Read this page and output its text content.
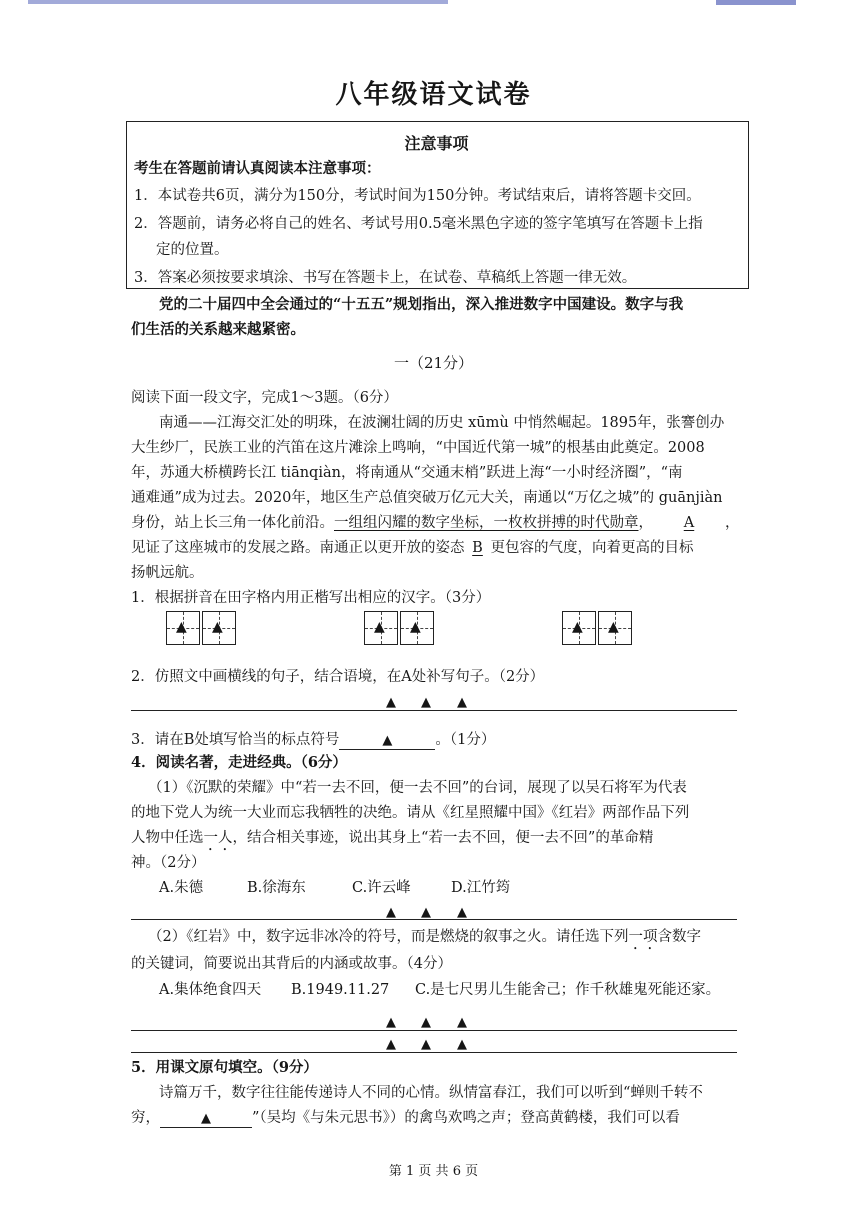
八年级语文试卷
注意事项
考生在答题前请认真阅读本注意事项：
1．本试卷共6页，满分为150分，考试时间为150分钟。考试结束后，请将答题卡交回。
2．答题前，请务必将自己的姓名、考试号用0.5毫米黑色字迹的签字笔填写在答题卡上指
定的位置。
3．答案必须按要求填涂、书写在答题卡上，在试卷、草稿纸上答题一律无效。
党的二十届四中全会通过的“十五五”规划指出，深入推进数字中国建设。数字与我
们生活的关系越来越紧密。
一（21分）
阅读下面一段文字，完成1～3题。（6分）
南通——江海交汇处的明珠，在波澜壮阔的历史 xūmù 中悄然崛起。1895年，张謇创办
大生纱厂，民族工业的汽笛在这片滩涂上鸣响，“中国近代第一城”的根基由此奠定。2008
年，苏通大桥横跨长江 tiānqiàn，将南通从“交通末梢”跃进上海“一小时经济圈”，“南
通难通”成为过去。2020年，地区生产总值突破万亿元大关，南通以“万亿之城”的 guānjiàn
身份，站上长三角一体化前沿。一组组闪耀的数字坐标，一枚枚拼搏的时代勋章， A ，
见证了这座城市的发展之路。南通正以更开放的姿态 B 更包容的气度，向着更高的目标
扬帆远航。
1．根据拼音在田字格内用正楷写出相应的汉字。（3分）
▲ ▲	▲ ▲	▲ ▲
2．仿照文中画横线的句子，结合语境，在A处补写句子。（2分）
▲ ▲ ▲
3．请在B处填写恰当的标点符号	▲	。（1分）
4．阅读名著，走进经典。（6分）
（1）《沉默的荣耀》中“若一去不回，便一去不回”的台词，展现了以吴石将军为代表
的地下党人为统一大业而忘我牺牲的决绝。请从《红星照耀中国》《红岩》两部作品下列
人物中任选一人，结合相关事迹，说出其身上“若一去不回，便一去不回”的革命精
神。（2分）
A.朱德	B.徐海东	C.许云峰	D.江竹筠
▲ ▲ ▲
（2）《红岩》中，数字远非冰冷的符号，而是燃烧的叙事之火。请任选下列一项含数字
的关键词，简要说出其背后的内涵或故事。（4分）
A.集体绝食四天 B.1949.11.27 C.是七尺男儿生能舍己；作千秋雄鬼死能还家。
▲ ▲ ▲
▲ ▲ ▲
5．用课文原句填空。（9分）
诗篇万千，数字往往能传递诗人不同的心情。纵情富春江，我们可以听到“蝉则千转不
穷，	▲	”（吴均《与朱元思书》）的禽鸟欢鸣之声；登高黄鹤楼，我们可以看
第 1 页 共 6 页
